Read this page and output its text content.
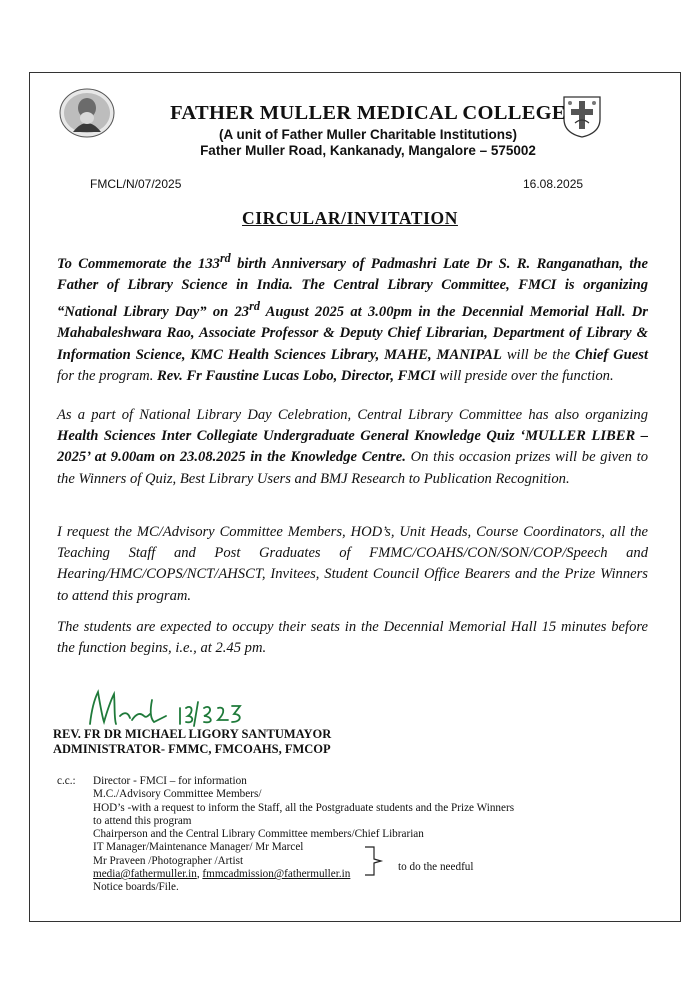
FATHER MULLER MEDICAL COLLEGE
(A unit of Father Muller Charitable Institutions)
Father Muller Road, Kankanady, Mangalore – 575002
FMCL/N/07/2025	16.08.2025
CIRCULAR/INVITATION
To Commemorate the 133rd birth Anniversary of Padmashri Late Dr S. R. Ranganathan, the Father of Library Science in India. The Central Library Committee, FMCI is organizing “National Library Day” on 23rd August 2025 at 3.00pm in the Decennial Memorial Hall. Dr Mahabaleshwara Rao, Associate Professor & Deputy Chief Librarian, Department of Library & Information Science, KMC Health Sciences Library, MAHE, MANIPAL will be the Chief Guest for the program. Rev. Fr Faustine Lucas Lobo, Director, FMCI will preside over the function.
As a part of National Library Day Celebration, Central Library Committee has also organizing Health Sciences Inter Collegiate Undergraduate General Knowledge Quiz ‘MULLER LIBER – 2025’ at 9.00am on 23.08.2025 in the Knowledge Centre. On this occasion prizes will be given to the Winners of Quiz, Best Library Users and BMJ Research to Publication Recognition.
I request the MC/Advisory Committee Members, HOD’s, Unit Heads, Course Coordinators, all the Teaching Staff and Post Graduates of FMMC/COAHS/CON/SON/COP/Speech and Hearing/HMC/COPS/NCT/AHSCT, Invitees, Student Council Office Bearers and the Prize Winners to attend this program.
The students are expected to occupy their seats in the Decennial Memorial Hall 15 minutes before the function begins, i.e., at 2.45 pm.
REV. FR DR MICHAEL LIGORY SANTUMAYOR
ADMINISTRATOR- FMMC, FMCOAHS, FMCOP
c.c.: Director - FMCI – for information
M.C./Advisory Committee Members/
HOD’s -with a request to inform the Staff, all the Postgraduate students and the Prize Winners
to attend this program
Chairperson and the Central Library Committee members/Chief Librarian
IT Manager/Maintenance Manager/ Mr Marcel
Mr Praveen /Photographer /Artist
media@fathermuller.in, fmmcadmission@fathermuller.in
Notice boards/File.
to do the needful
